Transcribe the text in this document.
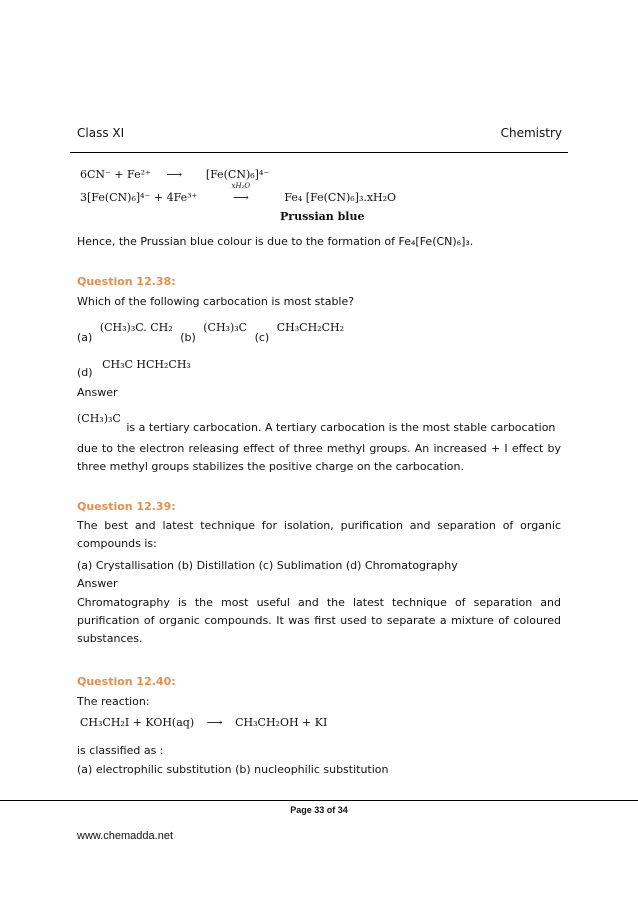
Class XI	Chemistry
6CN⁻ + Fe²⁺ ⟶ [Fe(CN)₆]⁴⁻
3[Fe(CN)₆]⁴⁻ + 4Fe³⁺
xH₂O
⟶	Fe₄ [Fe(CN)₆]₃.xH₂O
Prussian blue
Hence, the Prussian blue colour is due to the formation of Fe₄[Fe(CN)₆]₃.
Question 12.38:
Which of the following carbocation is most stable?
(a) (CH₃)₃C. CH₂ (b) (CH₃)₃C (c) CH₃CH₂CH₂
(d) CH₃C HCH₂CH₃
Answer
(CH₃)₃C is a tertiary carbocation. A tertiary carbocation is the most stable carbocation
due to the electron releasing effect of three methyl groups. An increased + I effect by three methyl groups stabilizes the positive charge on the carbocation.
Question 12.39:
The best and latest technique for isolation, purification and separation of organic compounds is:
(a) Crystallisation (b) Distillation (c) Sublimation (d) Chromatography
Answer
Chromatography is the most useful and the latest technique of separation and purification of organic compounds. It was first used to separate a mixture of coloured substances.
Question 12.40:
The reaction:
CH₃CH₂I + KOH(aq) ⟶ CH₃CH₂OH + KI
is classified as :
(a) electrophilic substitution (b) nucleophilic substitution
Page 33 of 34
www.chemadda.net
